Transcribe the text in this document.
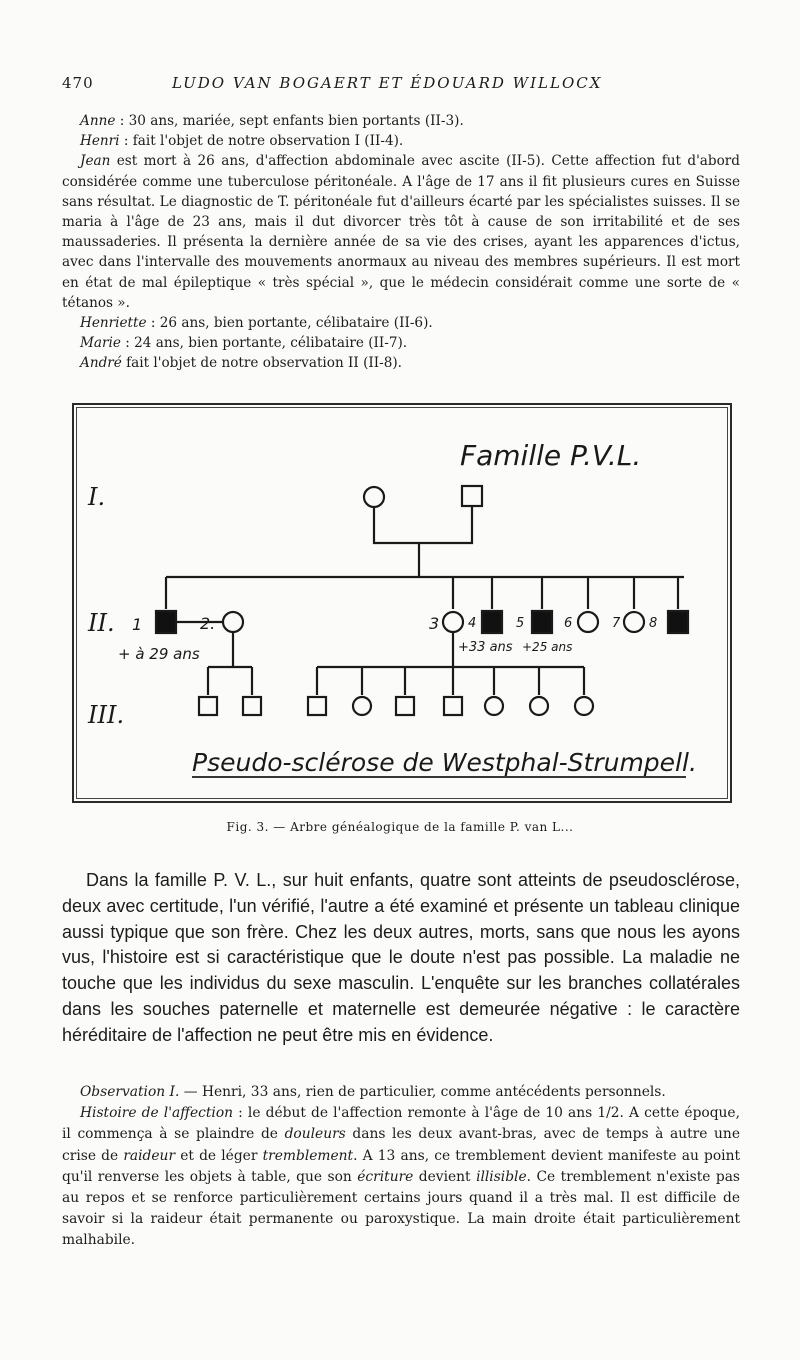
470	LUDO VAN BOGAERT ET ÉDOUARD WILLOCX

Anne : 30 ans, mariée, sept enfants bien portants (II-3).

Henri : fait l'objet de notre observation I (II-4).

Jean est mort à 26 ans, d'affection abdominale avec ascite (II-5). Cette affection fut d'abord considérée comme une tuberculose péritonéale. A l'âge de 17 ans il fit plusieurs cures en Suisse sans résultat. Le diagnostic de T. péritonéale fut d'ailleurs écarté par les spécialistes suisses. Il se maria à l'âge de 23 ans, mais il dut divorcer très tôt à cause de son irritabilité et de ses maussaderies. Il présenta la dernière année de sa vie des crises, ayant les apparences d'ictus, avec dans l'intervalle des mouvements anormaux au niveau des membres supérieurs. Il est mort en état de mal épileptique « très spécial », que le médecin considérait comme une sorte de « tétanos ».

Henriette : 26 ans, bien portante, célibataire (II-6).

Marie : 24 ans, bien portante, célibataire (II-7).

André fait l'objet de notre observation II (II-8).

Famille P.V.L.
I.
II.
III.
1	2.	3 4	5	6	7 8
+ à 29 ans	+33 ans +25 ans
Pseudo-sclérose de Westphal-Strumpell.
Fig. 3. — Arbre généalogique de la famille P. van L...

Dans la famille P. V. L., sur huit enfants, quatre sont atteints de pseudosclérose, deux avec certitude, l'un vérifié, l'autre a été examiné et présente un tableau clinique aussi typique que son frère. Chez les deux autres, morts, sans que nous les ayons vus, l'histoire est si caractéristique que le doute n'est pas possible. La maladie ne touche que les individus du sexe masculin. L'enquête sur les branches collatérales dans les souches paternelle et maternelle est demeurée négative : le caractère héréditaire de l'affection ne peut être mis en évidence.

Observation I. — Henri, 33 ans, rien de particulier, comme antécédents personnels.

Histoire de l'affection : le début de l'affection remonte à l'âge de 10 ans 1/2. A cette époque, il commença à se plaindre de douleurs dans les deux avant-bras, avec de temps à autre une crise de raideur et de léger tremblement. A 13 ans, ce tremblement devient manifeste au point qu'il renverse les objets à table, que son écriture devient illisible. Ce tremblement n'existe pas au repos et se renforce particulièrement certains jours quand il a très mal. Il est difficile de savoir si la raideur était permanente ou paroxystique. La main droite était particulièrement malhabile.
